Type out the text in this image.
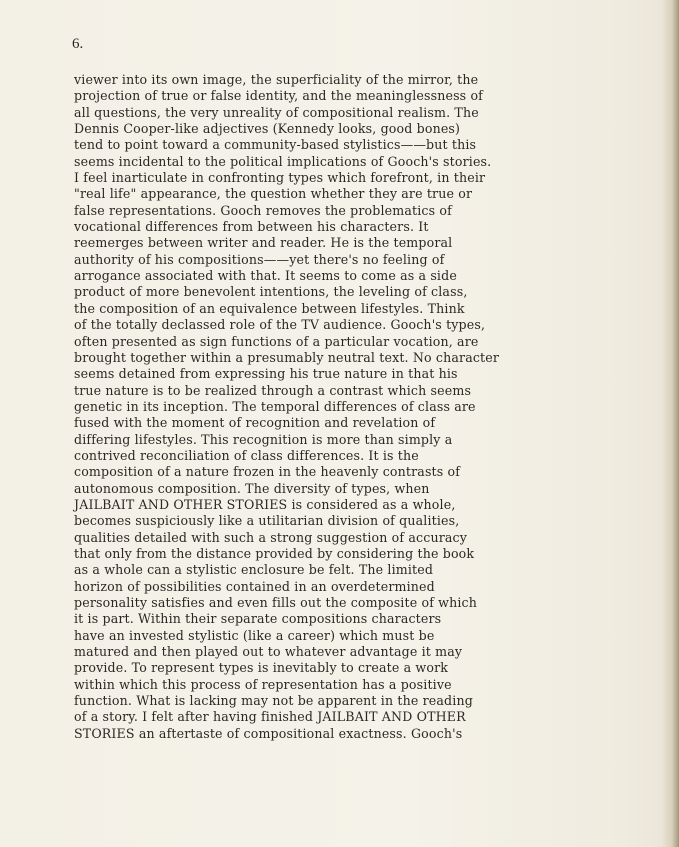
6.
viewer into its own image, the superficiality of the mirror, the
projection of true or false identity, and the meaninglessness of
all questions, the very unreality of compositional realism. The
Dennis Cooper-like adjectives (Kennedy looks, good bones)
tend to point toward a community-based stylistics——but this
seems incidental to the political implications of Gooch's stories.
I feel inarticulate in confronting types which forefront, in their
"real life" appearance, the question whether they are true or
false representations. Gooch removes the problematics of
vocational differences from between his characters. It
reemerges between writer and reader. He is the temporal
authority of his compositions——yet there's no feeling of
arrogance associated with that. It seems to come as a side
product of more benevolent intentions, the leveling of class,
the composition of an equivalence between lifestyles. Think
of the totally declassed role of the TV audience. Gooch's types,
often presented as sign functions of a particular vocation, are
brought together within a presumably neutral text. No character
seems detained from expressing his true nature in that his
true nature is to be realized through a contrast which seems
genetic in its inception. The temporal differences of class are
fused with the moment of recognition and revelation of
differing lifestyles. This recognition is more than simply a
contrived reconciliation of class differences. It is the
composition of a nature frozen in the heavenly contrasts of
autonomous composition. The diversity of types, when
JAILBAIT AND OTHER STORIES is considered as a whole,
becomes suspiciously like a utilitarian division of qualities,
qualities detailed with such a strong suggestion of accuracy
that only from the distance provided by considering the book
as a whole can a stylistic enclosure be felt. The limited
horizon of possibilities contained in an overdetermined
personality satisfies and even fills out the composite of which
it is part. Within their separate compositions characters
have an invested stylistic (like a career) which must be
matured and then played out to whatever advantage it may
provide. To represent types is inevitably to create a work
within which this process of representation has a positive
function. What is lacking may not be apparent in the reading
of a story. I felt after having finished JAILBAIT AND OTHER
STORIES an aftertaste of compositional exactness. Gooch's
